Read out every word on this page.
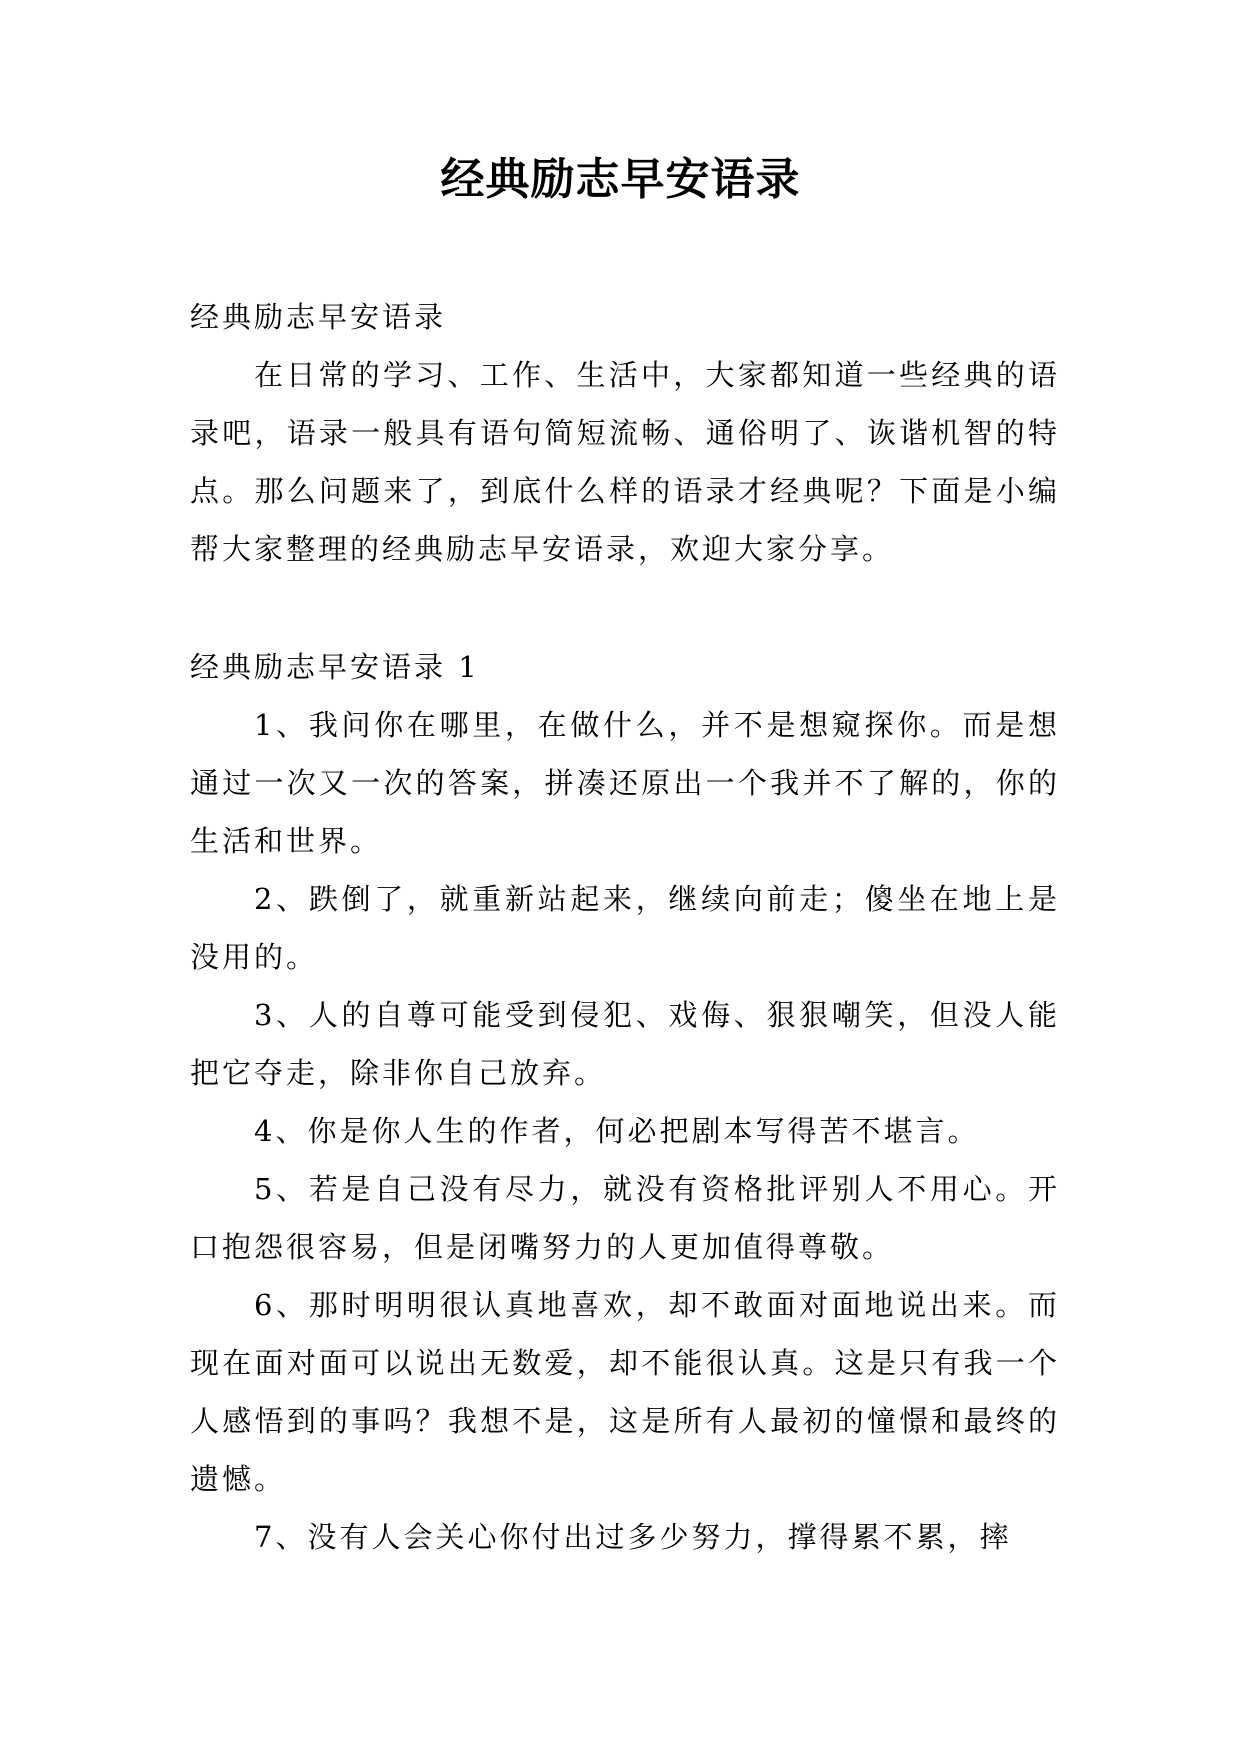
经典励志早安语录

经典励志早安语录

在日常的学习、工作、生活中，大家都知道一些经典的语录吧，语录一般具有语句简短流畅、通俗明了、诙谐机智的特点。那么问题来了，到底什么样的语录才经典呢？下面是小编帮大家整理的经典励志早安语录，欢迎大家分享。

经典励志早安语录 1

1、我问你在哪里，在做什么，并不是想窥探你。而是想通过一次又一次的答案，拼凑还原出一个我并不了解的，你的生活和世界。

2、跌倒了，就重新站起来，继续向前走；傻坐在地上是没用的。

3、人的自尊可能受到侵犯、戏侮、狠狠嘲笑，但没人能把它夺走，除非你自己放弃。

4、你是你人生的作者，何必把剧本写得苦不堪言。

5、若是自己没有尽力，就没有资格批评别人不用心。开口抱怨很容易，但是闭嘴努力的人更加值得尊敬。

6、那时明明很认真地喜欢，却不敢面对面地说出来。而现在面对面可以说出无数爱，却不能很认真。这是只有我一个人感悟到的事吗？我想不是，这是所有人最初的憧憬和最终的遗憾。

7、没有人会关心你付出过多少努力，撑得累不累，摔
